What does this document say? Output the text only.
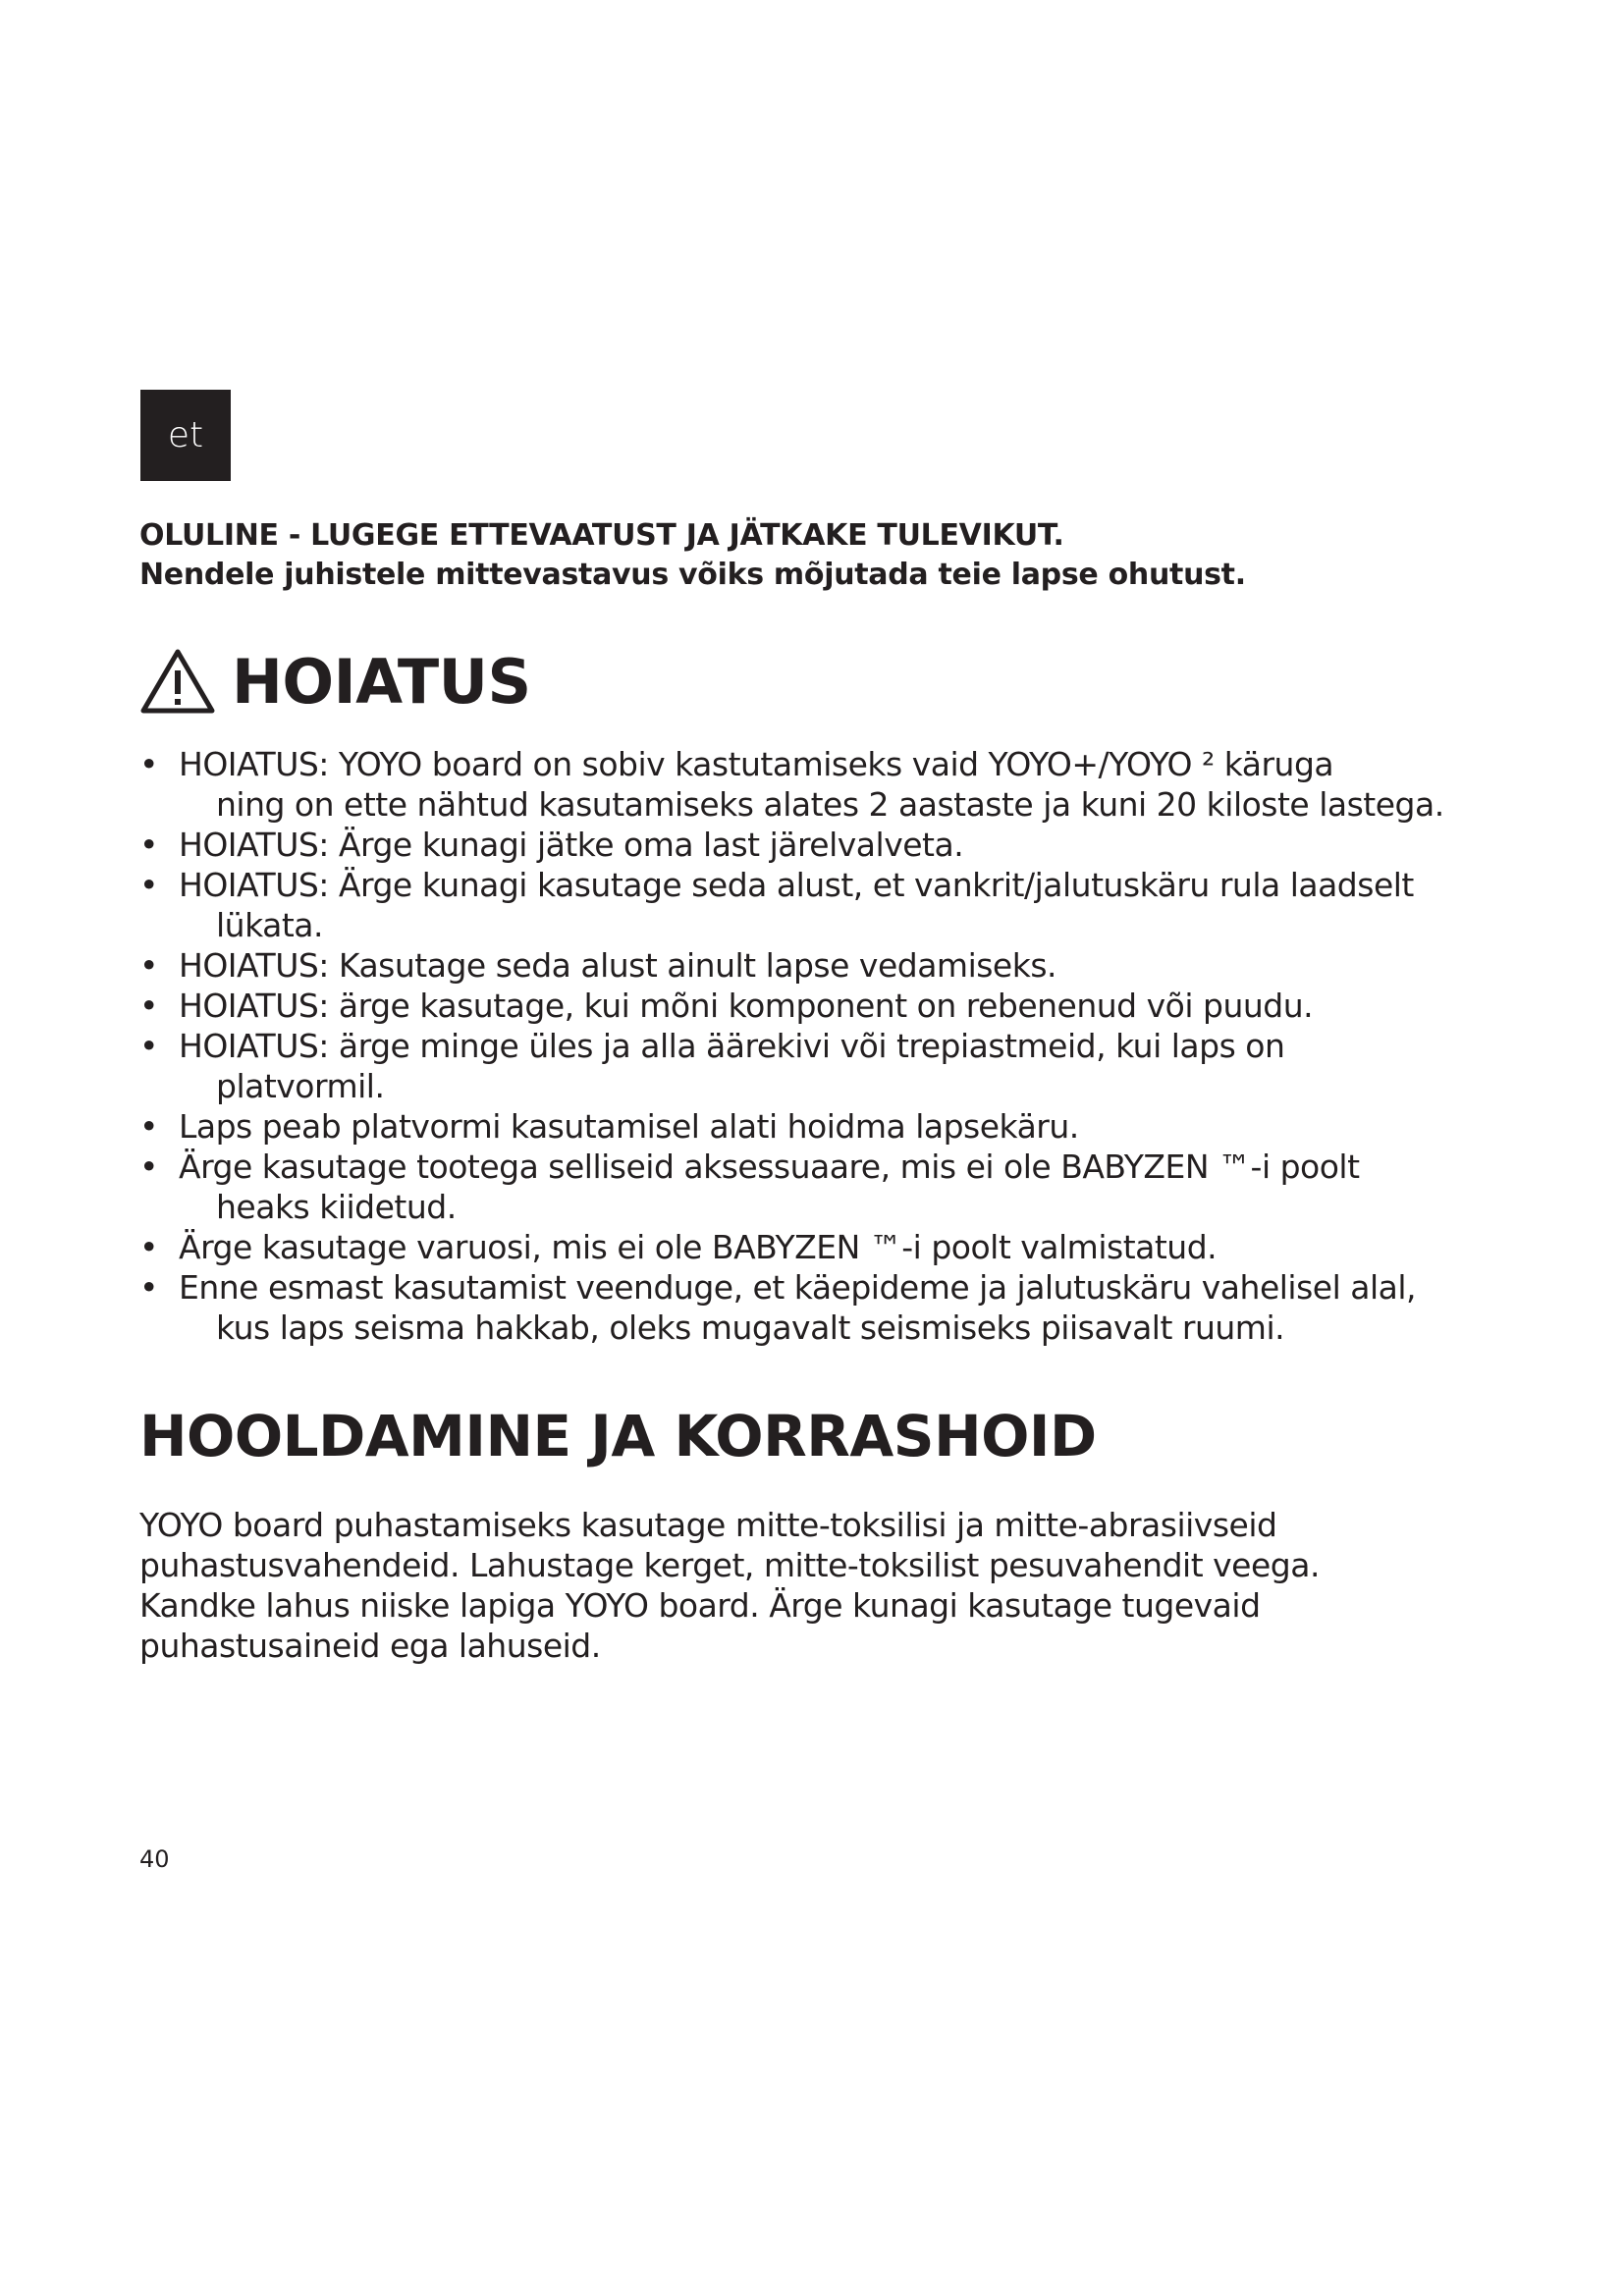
et
OLULINE - LUGEGE ETTEVAATUST JA JÄTKAKE TULEVIKUT.
Nendele juhistele mittevastavus võiks mõjutada teie lapse ohutust.
HOIATUS
• HOIATUS: YOYO board on sobiv kastutamiseks vaid YOYO+/YOYO ² käruga
ning on ette nähtud kasutamiseks alates 2 aastaste ja kuni 20 kiloste lastega.
• HOIATUS: Ärge kunagi jätke oma last järelvalveta.
• HOIATUS: Ärge kunagi kasutage seda alust, et vankrit/jalutuskäru rula laadselt
lükata.
• HOIATUS: Kasutage seda alust ainult lapse vedamiseks.
• HOIATUS: ärge kasutage, kui mõni komponent on rebenenud või puudu.
• HOIATUS: ärge minge üles ja alla äärekivi või trepiastmeid, kui laps on
platvormil.
• Laps peab platvormi kasutamisel alati hoidma lapsekäru.
• Ärge kasutage tootega selliseid aksessuaare, mis ei ole BABYZEN ™-i poolt
heaks kiidetud.
• Ärge kasutage varuosi, mis ei ole BABYZEN ™-i poolt valmistatud.
• Enne esmast kasutamist veenduge, et käepideme ja jalutuskäru vahelisel alal,
kus laps seisma hakkab, oleks mugavalt seismiseks piisavalt ruumi.
HOOLDAMINE JA KORRASHOID
YOYO board puhastamiseks kasutage mitte-toksilisi ja mitte-abrasiivseid
puhastusvahendeid. Lahustage kerget, mitte-toksilist pesuvahendit veega.
Kandke lahus niiske lapiga YOYO board. Ärge kunagi kasutage tugevaid
puhastusaineid ega lahuseid.
40
